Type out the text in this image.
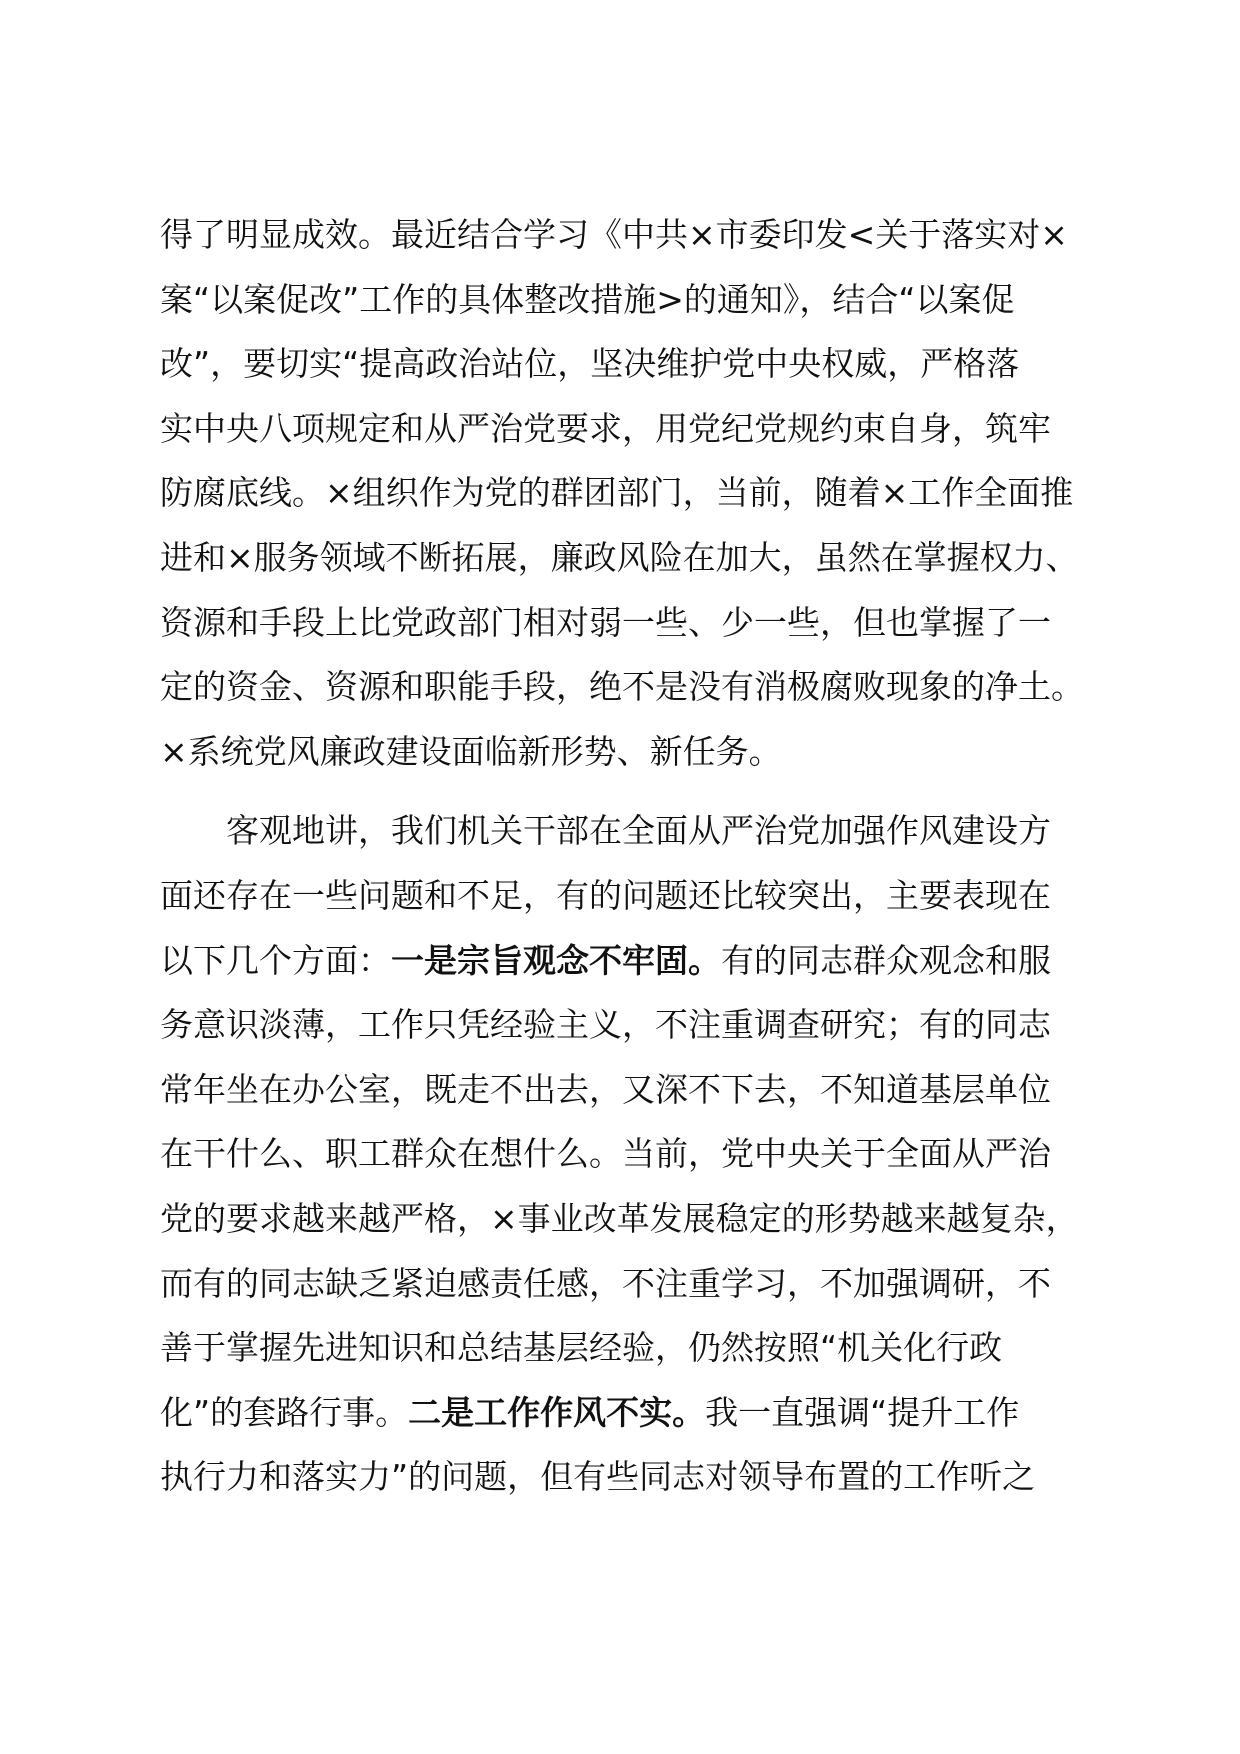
得了明显成效。最近结合学习《中共×市委印发<关于落实对×
案“以案促改”工作的具体整改措施>的通知》，结合“以案促
改”，要切实“提高政治站位，坚决维护党中央权威，严格落
实中央八项规定和从严治党要求，用党纪党规约束自身，筑牢
防腐底线。×组织作为党的群团部门，当前，随着×工作全面推
进和×服务领域不断拓展，廉政风险在加大，虽然在掌握权力、
资源和手段上比党政部门相对弱一些、少一些，但也掌握了一
定的资金、资源和职能手段，绝不是没有消极腐败现象的净土。
×系统党风廉政建设面临新形势、新任务。
客观地讲，我们机关干部在全面从严治党加强作风建设方
面还存在一些问题和不足，有的问题还比较突出，主要表现在
以下几个方面：一是宗旨观念不牢固。有的同志群众观念和服
务意识淡薄，工作只凭经验主义，不注重调查研究；有的同志
常年坐在办公室，既走不出去，又深不下去，不知道基层单位
在干什么、职工群众在想什么。当前，党中央关于全面从严治
党的要求越来越严格，×事业改革发展稳定的形势越来越复杂，
而有的同志缺乏紧迫感责任感，不注重学习，不加强调研，不
善于掌握先进知识和总结基层经验，仍然按照“机关化行政
化”的套路行事。二是工作作风不实。我一直强调“提升工作
执行力和落实力”的问题，但有些同志对领导布置的工作听之
